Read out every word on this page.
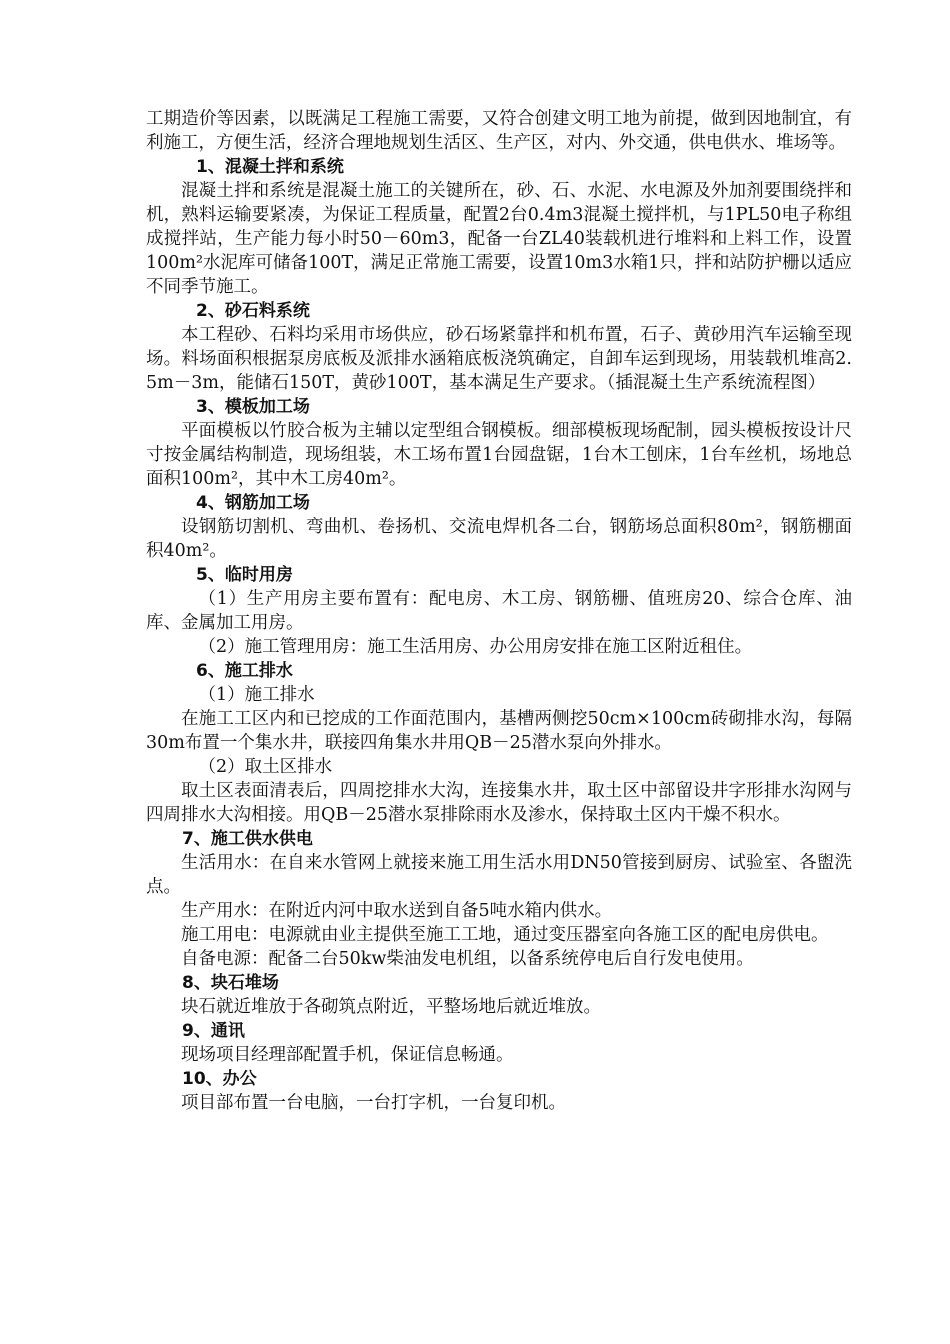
工期造价等因素，以既满足工程施工需要，又符合创建文明工地为前提，做到因地制宜，有利施工，方便生活，经济合理地规划生活区、生产区，对内、外交通，供电供水、堆场等。

1、混凝土拌和系统

混凝土拌和系统是混凝土施工的关键所在，砂、石、水泥、水电源及外加剂要围绕拌和机，熟料运输要紧凑，为保证工程质量，配置2台0.4m3混凝土搅拌机，与1PL50电子称组成搅拌站，生产能力每小时50－60m3，配备一台ZL40装载机进行堆料和上料工作，设置100m²水泥库可储备100T，满足正常施工需要，设置10m3水箱1只，拌和站防护栅以适应不同季节施工。

2、砂石料系统

本工程砂、石料均采用市场供应，砂石场紧靠拌和机布置，石子、黄砂用汽车运输至现场。料场面积根据泵房底板及派排水涵箱底板浇筑确定，自卸车运到现场，用装载机堆高2.5m－3m，能储石150T，黄砂100T，基本满足生产要求。（插混凝土生产系统流程图）

3、模板加工场

平面模板以竹胶合板为主辅以定型组合钢模板。细部模板现场配制，园头模板按设计尺寸按金属结构制造，现场组装，木工场布置1台园盘锯，1台木工刨床，1台车丝机，场地总面积100m²，其中木工房40m²。

4、钢筋加工场

设钢筋切割机、弯曲机、卷扬机、交流电焊机各二台，钢筋场总面积80m²，钢筋棚面积40m²。

5、临时用房

（1）生产用房主要布置有：配电房、木工房、钢筋栅、值班房20、综合仓库、油库、金属加工用房。

（2）施工管理用房：施工生活用房、办公用房安排在施工区附近租住。

6、施工排水

（1）施工排水

在施工工区内和已挖成的工作面范围内，基槽两侧挖50cm×100cm砖砌排水沟，每隔30m布置一个集水井，联接四角集水井用QB－25潜水泵向外排水。

（2）取土区排水

取土区表面清表后，四周挖排水大沟，连接集水井，取土区中部留设井字形排水沟网与四周排水大沟相接。用QB－25潜水泵排除雨水及渗水，保持取土区内干燥不积水。

7、施工供水供电

生活用水：在自来水管网上就接来施工用生活水用DN50管接到厨房、试验室、各盥洗点。

生产用水：在附近内河中取水送到自备5吨水箱内供水。

施工用电：电源就由业主提供至施工工地，通过变压器室向各施工区的配电房供电。

自备电源：配备二台50kw柴油发电机组，以备系统停电后自行发电使用。

8、块石堆场

块石就近堆放于各砌筑点附近，平整场地后就近堆放。

9、通讯

现场项目经理部配置手机，保证信息畅通。

10、办公

项目部布置一台电脑，一台打字机，一台复印机。
